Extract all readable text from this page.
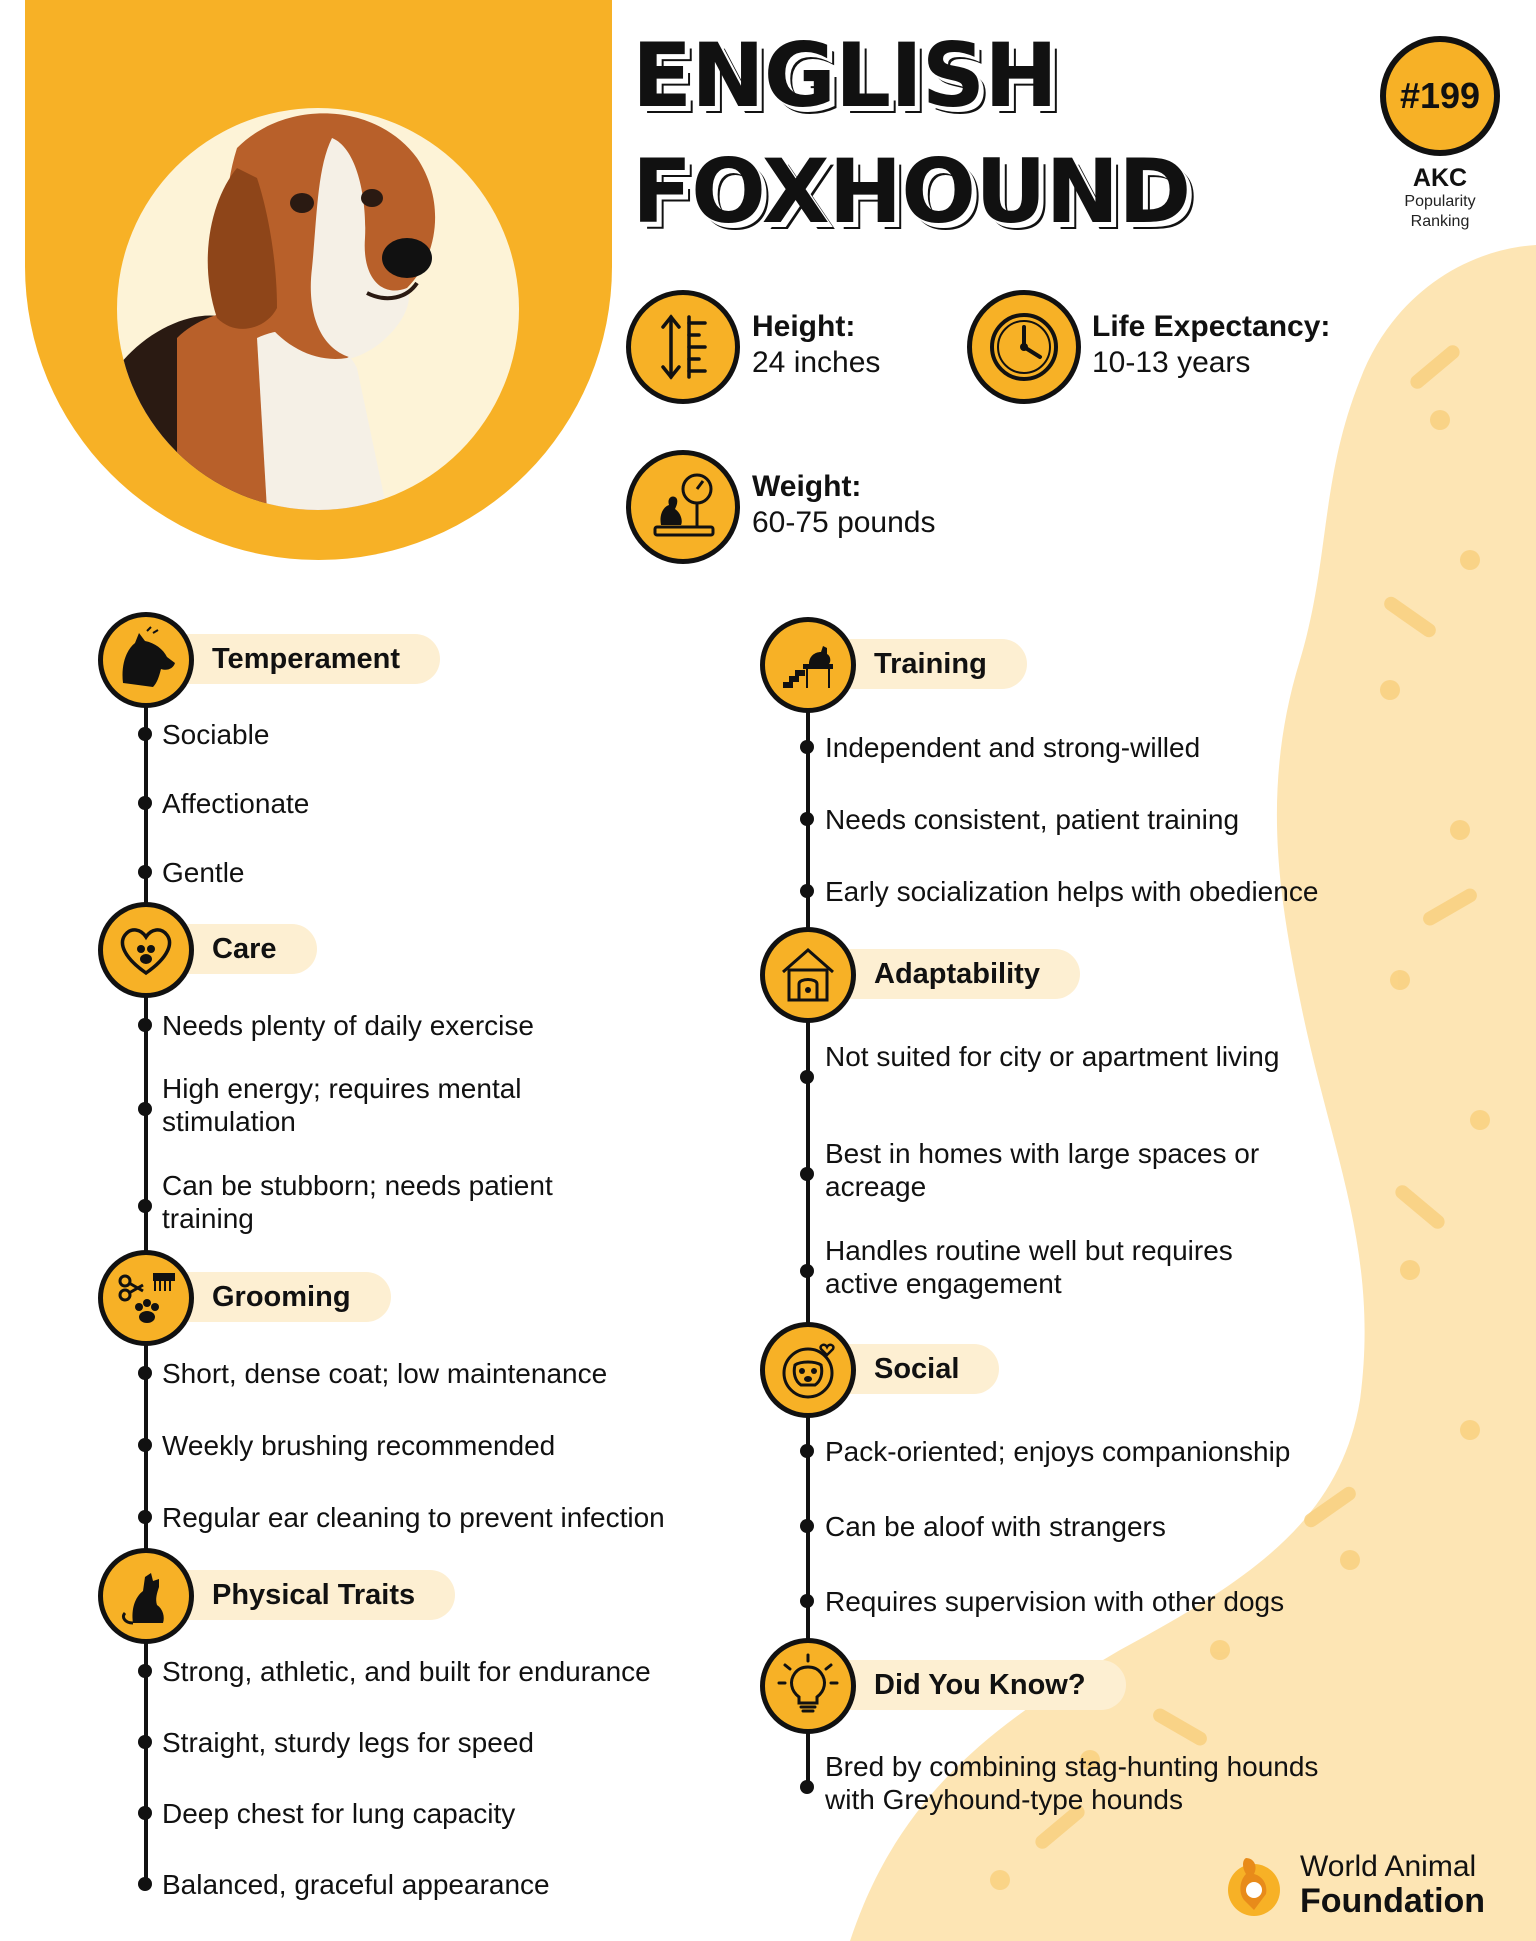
ENGLISH
FOXHOUND
#199
AKC
Popularity
Ranking
Height:
24 inches
Life Expectancy:
10-13 years
Weight:
60-75 pounds
Temperament
Sociable
Affectionate
Gentle
Care
Needs plenty of daily exercise
High energy; requires mental stimulation
Can be stubborn; needs patient training
Grooming
Short, dense coat; low maintenance
Weekly brushing recommended
Regular ear cleaning to prevent infection
Physical Traits
Strong, athletic, and built for endurance
Straight, sturdy legs for speed
Deep chest for lung capacity
Balanced, graceful appearance
Training
Independent and strong-willed
Needs consistent, patient training
Early socialization helps with obedience
Adaptability
Not suited for city or apartment living
Best in homes with large spaces or acreage
Handles routine well but requires active engagement
Social
Pack-oriented; enjoys companionship
Can be aloof with strangers
Requires supervision with other dogs
Did You Know?
Bred by combining stag-hunting hounds with Greyhound-type hounds
World Animal
Foundation
